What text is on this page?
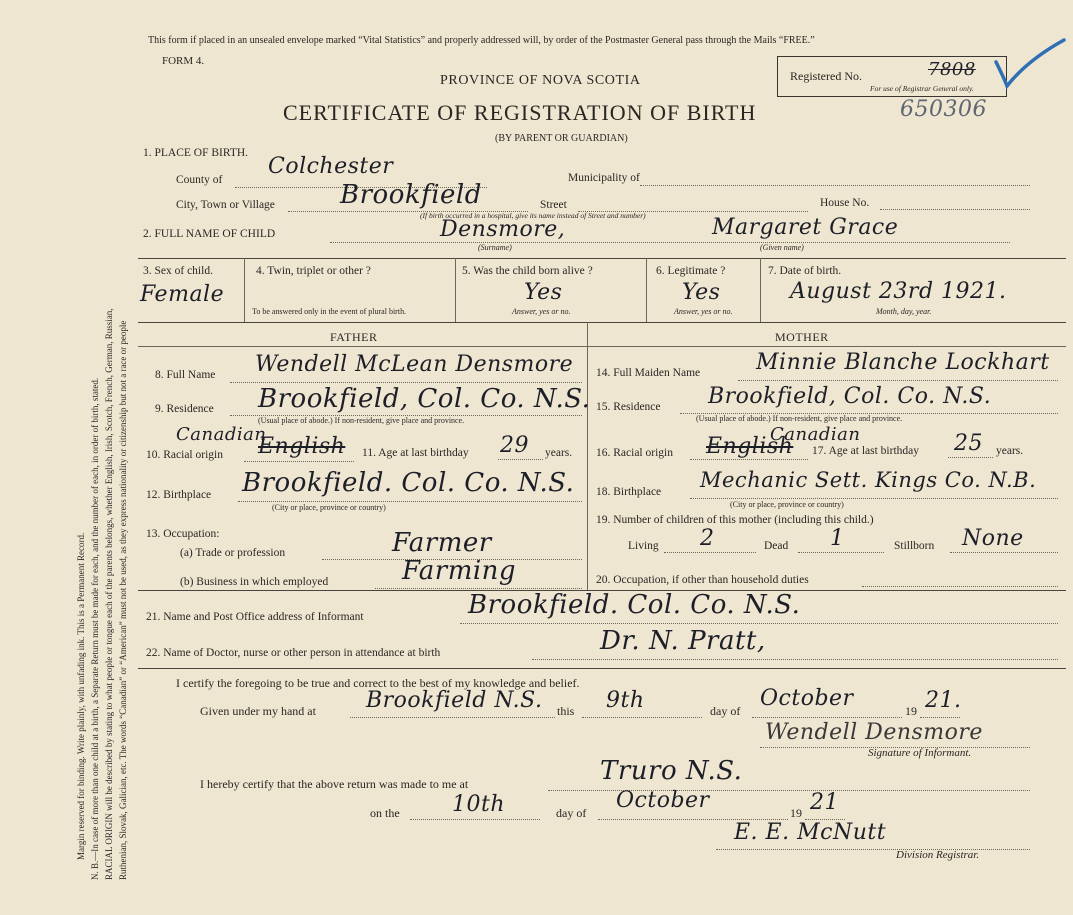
Margin reserved for binding. Write plainly, with unfading ink. This is a Permanent Record. N. B.—In case of more than one child at a birth, a Separate Return must be made for each, and the number of each, in order of birth, stated. RACIAL ORIGIN will be described by stating to what people or tongue each of the parents belongs, whether English, Irish, Scotch, French, German, Russian, Ruthenian, Slovak, Galician, etc. The words “Canadian” or “American” must not be used, as they express nationality or citizenship but not a race or people
This form if placed in an unsealed envelope marked “Vital Statistics” and properly addressed will, by order of the Postmaster General pass through the Mails “FREE.”
FORM 4.
PROVINCE OF NOVA SCOTIA
CERTIFICATE OF REGISTRATION OF BIRTH
(BY PARENT OR GUARDIAN)
Registered No.	7808
For use of Registrar General only.
650306
1. PLACE OF BIRTH.
County of
Colchester	Municipality of
City, Town or Village	Brookfield	Street	House No.
(If birth occurred in a hospital, give its name instead of Street and number)
2. FULL NAME OF CHILD	Densmore,	Margaret Grace
(Surname)	(Given name)
3. Sex of child.
Female
4. Twin, triplet or other ?
To be answered only in the event of plural birth.
5. Was the child born alive ?
Yes
Answer, yes or no.
6. Legitimate ?
Yes
Answer, yes or no.
7. Date of birth.
August 23rd 1921.
Month, day, year.
FATHER	MOTHER
8. Full Name Wendell McLean Densmore
9. Residence Brookfield, Col. Co. N.S.
(Usual place of abode.) If non-resident, give place and province.
Canadian
10. Racial origin English 11. Age at last birthday 29 years.
12. Birthplace Brookfield. Col. Co. N.S.
(City or place, province or country)
13. Occupation:
(a) Trade or profession	Farmer
(b) Business in which employed	Farming
14. Full Maiden Name	Minnie Blanche Lockhart
15. Residence Brookfield, Col. Co. N.S.
(Usual place of abode.) If non-resident, give place and province.
Canadian
16. Racial origin English 17. Age at last birthday 25 years.
18. Birthplace Mechanic Sett. Kings Co. N.B.
(City or place, province or country)
19. Number of children of this mother (including this child.)
Living 2	Dead 1	Stillborn None
20. Occupation, if other than household duties
21. Name and Post Office address of Informant	Brookfield. Col. Co. N.S.
22. Name of Doctor, nurse or other person in attendance at birth	Dr. N. Pratt,
I certify the foregoing to be true and correct to the best of my knowledge and belief.
Given under my hand at Brookfield N.S. this 9th	day of October	19 21.
Wendell Densmore
Signature of Informant.
I hereby certify that the above return was made to me at	Truro N.S.
on the 10th	day of October	19 21
E. E. McNutt
Division Registrar.
